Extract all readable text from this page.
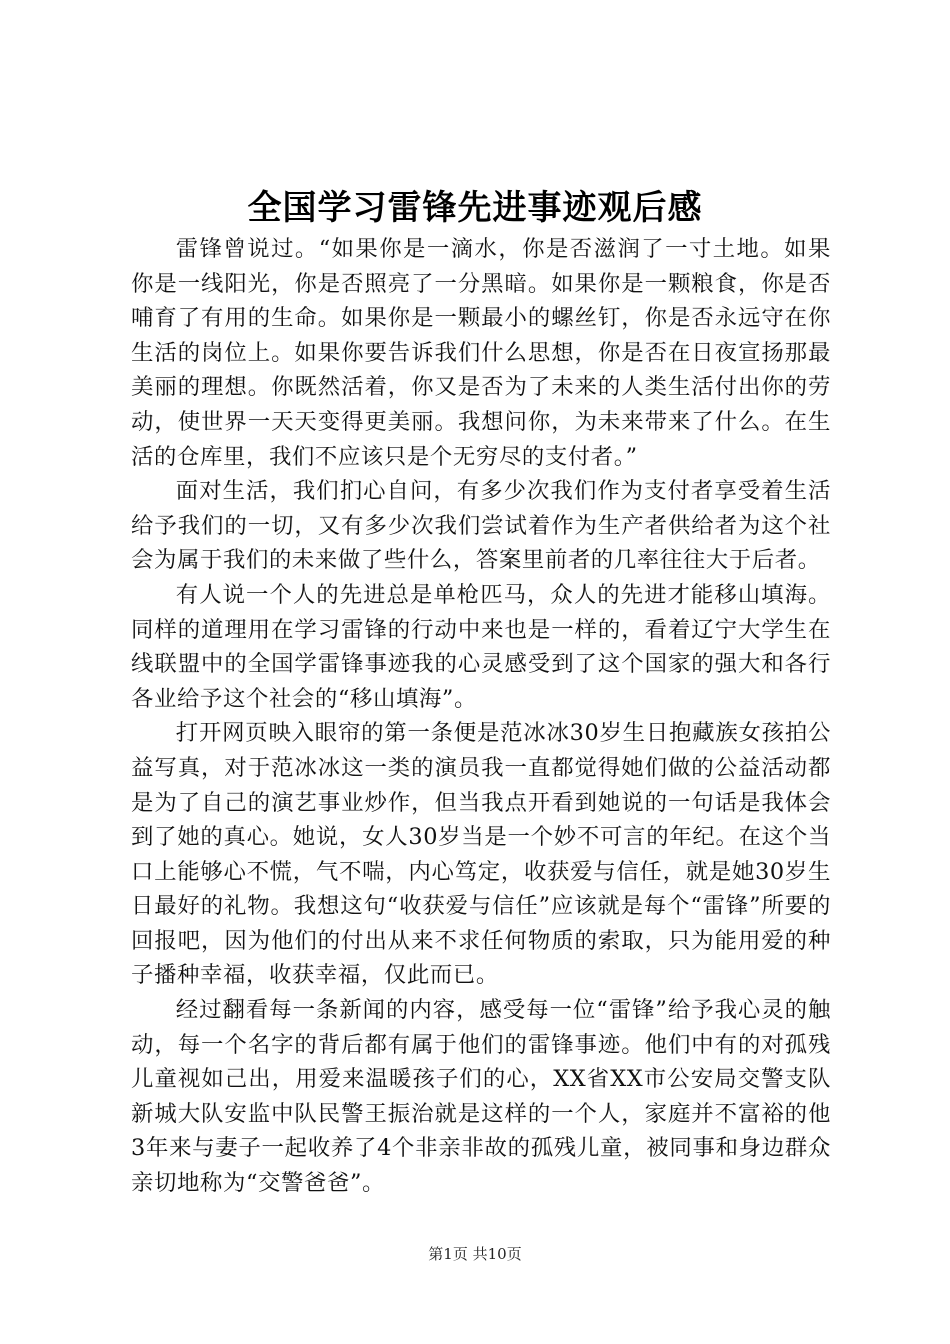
全国学习雷锋先进事迹观后感

雷锋曾说过。“如果你是一滴水，你是否滋润了一寸土地。如果你是一线阳光，你是否照亮了一分黑暗。如果你是一颗粮食，你是否哺育了有用的生命。如果你是一颗最小的螺丝钉，你是否永远守在你生活的岗位上。如果你要告诉我们什么思想，你是否在日夜宣扬那最美丽的理想。你既然活着，你又是否为了未来的人类生活付出你的劳动，使世界一天天变得更美丽。我想问你，为未来带来了什么。在生活的仓库里，我们不应该只是个无穷尽的支付者。”

面对生活，我们扪心自问，有多少次我们作为支付者享受着生活给予我们的一切，又有多少次我们尝试着作为生产者供给者为这个社会为属于我们的未来做了些什么，答案里前者的几率往往大于后者。

有人说一个人的先进总是单枪匹马，众人的先进才能移山填海。同样的道理用在学习雷锋的行动中来也是一样的，看着辽宁大学生在线联盟中的全国学雷锋事迹我的心灵感受到了这个国家的强大和各行各业给予这个社会的“移山填海”。

打开网页映入眼帘的第一条便是范冰冰30岁生日抱藏族女孩拍公益写真，对于范冰冰这一类的演员我一直都觉得她们做的公益活动都是为了自己的演艺事业炒作，但当我点开看到她说的一句话是我体会到了她的真心。她说，女人30岁当是一个妙不可言的年纪。在这个当口上能够心不慌，气不喘，内心笃定，收获爱与信任，就是她30岁生日最好的礼物。我想这句“收获爱与信任”应该就是每个“雷锋”所要的回报吧，因为他们的付出从来不求任何物质的索取，只为能用爱的种子播种幸福，收获幸福，仅此而已。

经过翻看每一条新闻的内容，感受每一位“雷锋”给予我心灵的触动，每一个名字的背后都有属于他们的雷锋事迹。他们中有的对孤残儿童视如己出，用爱来温暖孩子们的心，XX省XX市公安局交警支队新城大队安监中队民警王振治就是这样的一个人，家庭并不富裕的他3年来与妻子一起收养了4个非亲非故的孤残儿童，被同事和身边群众亲切地称为“交警爸爸”。

第1页 共10页
